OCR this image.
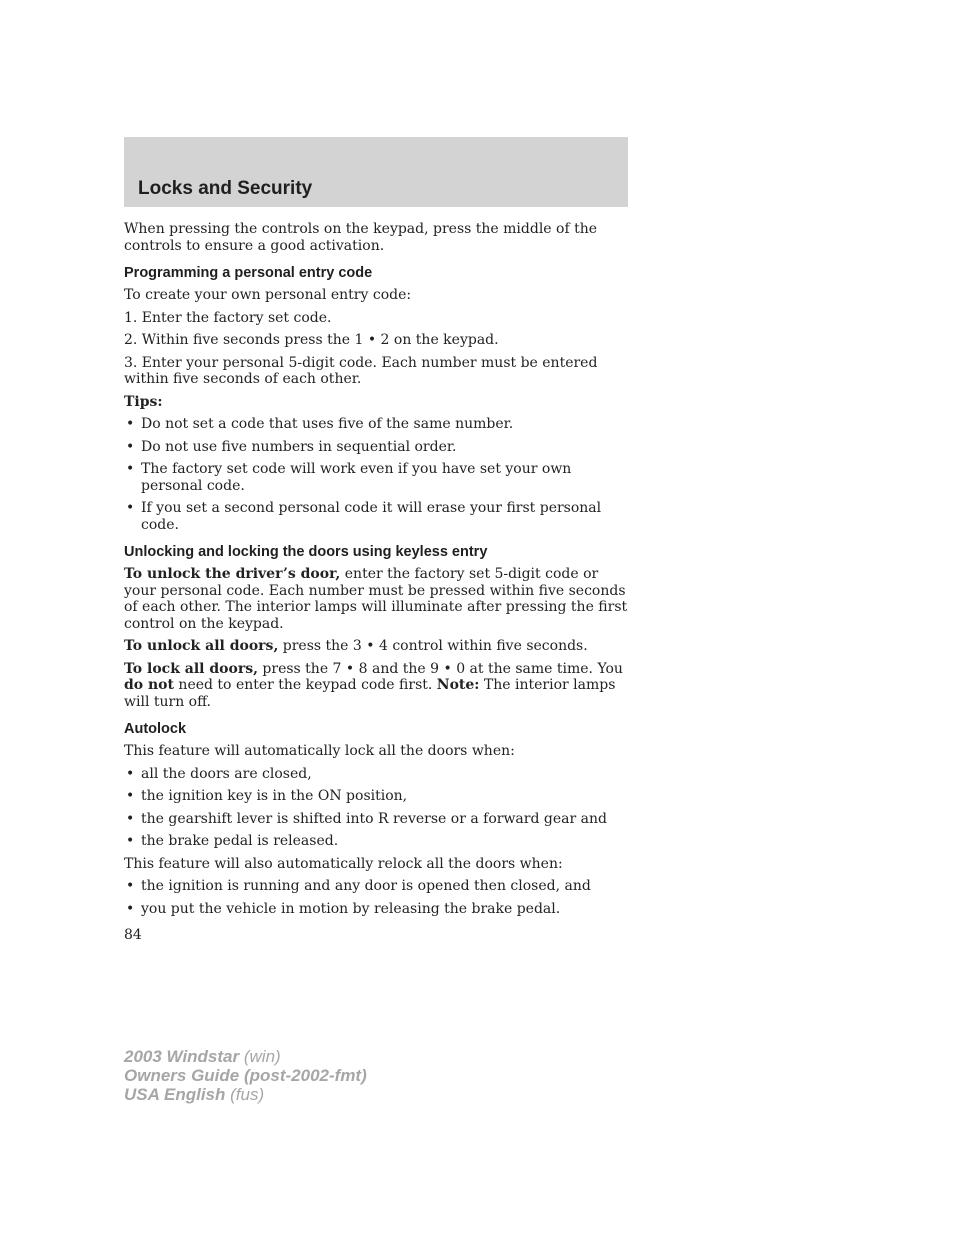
Locks and Security

When pressing the controls on the keypad, press the middle of the controls to ensure a good activation.

Programming a personal entry code

To create your own personal entry code:

1. Enter the factory set code.

2. Within five seconds press the 1 • 2 on the keypad.

3. Enter your personal 5-digit code. Each number must be entered within five seconds of each other.

Tips:

• Do not set a code that uses five of the same number.
• Do not use five numbers in sequential order.
• The factory set code will work even if you have set your own personal code.
• If you set a second personal code it will erase your first personal code.
Unlocking and locking the doors using keyless entry

To unlock the driver’s door, enter the factory set 5-digit code or your personal code. Each number must be pressed within five seconds of each other. The interior lamps will illuminate after pressing the first control on the keypad.

To unlock all doors, press the 3 • 4 control within five seconds.

To lock all doors, press the 7 • 8 and the 9 • 0 at the same time. You do not need to enter the keypad code first. Note: The interior lamps will turn off.

Autolock

This feature will automatically lock all the doors when:

• all the doors are closed,
• the ignition key is in the ON position,
• the gearshift lever is shifted into R reverse or a forward gear and
• the brake pedal is released.

This feature will also automatically relock all the doors when:

• the ignition is running and any door is opened then closed, and
• you put the vehicle in motion by releasing the brake pedal.

84

2003 Windstar (win)
Owners Guide (post-2002-fmt)
USA English (fus)
